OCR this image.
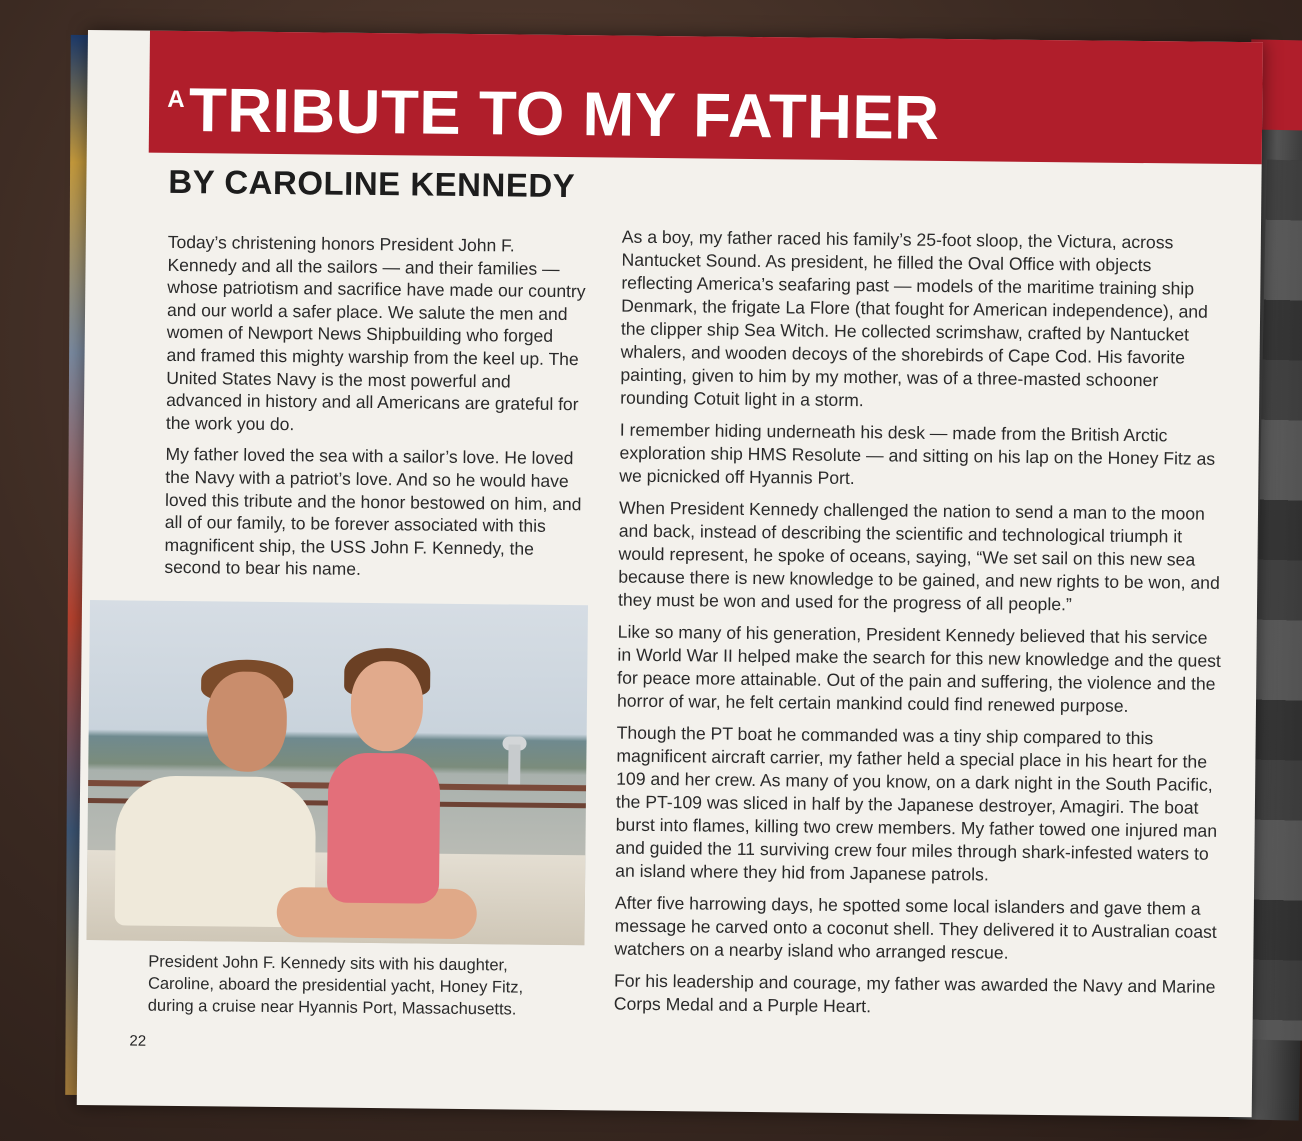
$^A$TRIBUTE TO MY FATHER
BY CAROLINE KENNEDY

Today’s christening honors President John F. Kennedy and all the sailors — and their families — whose patriotism and sacrifice have made our country and our world a safer place. We salute the men and women of Newport News Shipbuilding who forged and framed this mighty warship from the keel up. The United States Navy is the most powerful and advanced in history and all Americans are grateful for the work you do.

My father loved the sea with a sailor’s love. He loved the Navy with a patriot’s love. And so he would have loved this tribute and the honor bestowed on him, and all of our family, to be forever associated with this magnificent ship, the USS John F. Kennedy, the second to bear his name.

President John F. Kennedy sits with his daughter, Caroline, aboard the presidential yacht, Honey Fitz, during a cruise near Hyannis Port, Massachusetts.
22

As a boy, my father raced his family’s 25-foot sloop, the Victura, across Nantucket Sound. As president, he filled the Oval Office with objects reflecting America’s seafaring past — models of the maritime training ship Denmark, the frigate La Flore (that fought for American independence), and the clipper ship Sea Witch. He collected scrimshaw, crafted by Nantucket whalers, and wooden decoys of the shorebirds of Cape Cod. His favorite painting, given to him by my mother, was of a three-masted schooner rounding Cotuit light in a storm.

I remember hiding underneath his desk — made from the British Arctic exploration ship HMS Resolute — and sitting on his lap on the Honey Fitz as we picnicked off Hyannis Port.

When President Kennedy challenged the nation to send a man to the moon and back, instead of describing the scientific and technological triumph it would represent, he spoke of oceans, saying, “We set sail on this new sea because there is new knowledge to be gained, and new rights to be won, and they must be won and used for the progress of all people.”

Like so many of his generation, President Kennedy believed that his service in World War II helped make the search for this new knowledge and the quest for peace more attainable. Out of the pain and suffering, the violence and the horror of war, he felt certain mankind could find renewed purpose.

Though the PT boat he commanded was a tiny ship compared to this magnificent aircraft carrier, my father held a special place in his heart for the 109 and her crew. As many of you know, on a dark night in the South Pacific, the PT-109 was sliced in half by the Japanese destroyer, Amagiri. The boat burst into flames, killing two crew members. My father towed one injured man and guided the 11 surviving crew four miles through shark-infested waters to an island where they hid from Japanese patrols.

After five harrowing days, he spotted some local islanders and gave them a message he carved onto a coconut shell. They delivered it to Australian coast watchers on a nearby island who arranged rescue.

For his leadership and courage, my father was awarded the Navy and Marine Corps Medal and a Purple Heart.
